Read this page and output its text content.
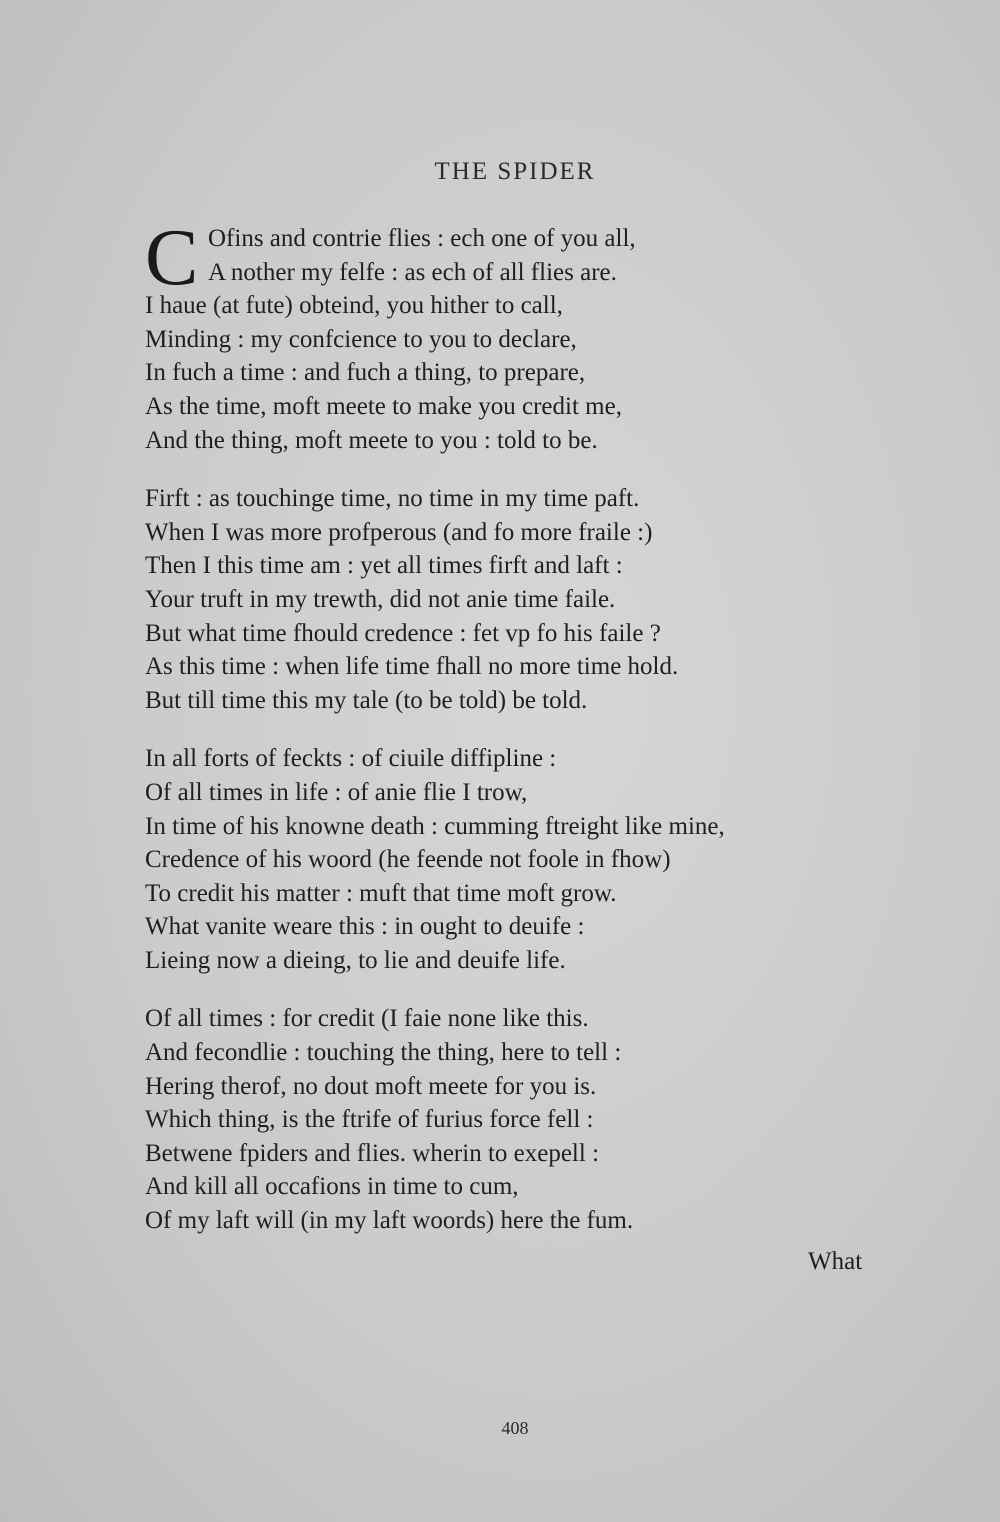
THE SPIDER
C Ofins and contrie flies : ech one of you all,
A nother my felfe : as ech of all flies are.
I haue (at fute) obteind, you hither to call,
Minding : my confcience to you to declare,
In fuch a time : and fuch a thing, to prepare,
As the time, moft meete to make you credit me,
And the thing, moft meete to you : told to be.
Firft : as touchinge time, no time in my time paft.
When I was more profperous (and fo more fraile :)
Then I this time am : yet all times firft and laft :
Your truft in my trewth, did not anie time faile.
But what time fhould credence : fet vp fo his faile ?
As this time : when life time fhall no more time hold.
But till time this my tale (to be told) be told.
In all forts of feckts : of ciuile diffipline :
Of all times in life : of anie flie I trow,
In time of his knowne death : cumming ftreight like mine,
Credence of his woord (he feende not foole in fhow)
To credit his matter : muft that time moft grow.
What vanite weare this : in ought to deuife :
Lieing now a dieing, to lie and deuife life.
Of all times : for credit (I faie none like this.
And fecondlie : touching the thing, here to tell :
Hering therof, no dout moft meete for you is.
Which thing, is the ftrife of furius force fell :
Betwene fpiders and flies. wherin to exepell :
And kill all occafions in time to cum,
Of my laft will (in my laft woords) here the fum.
What
408
